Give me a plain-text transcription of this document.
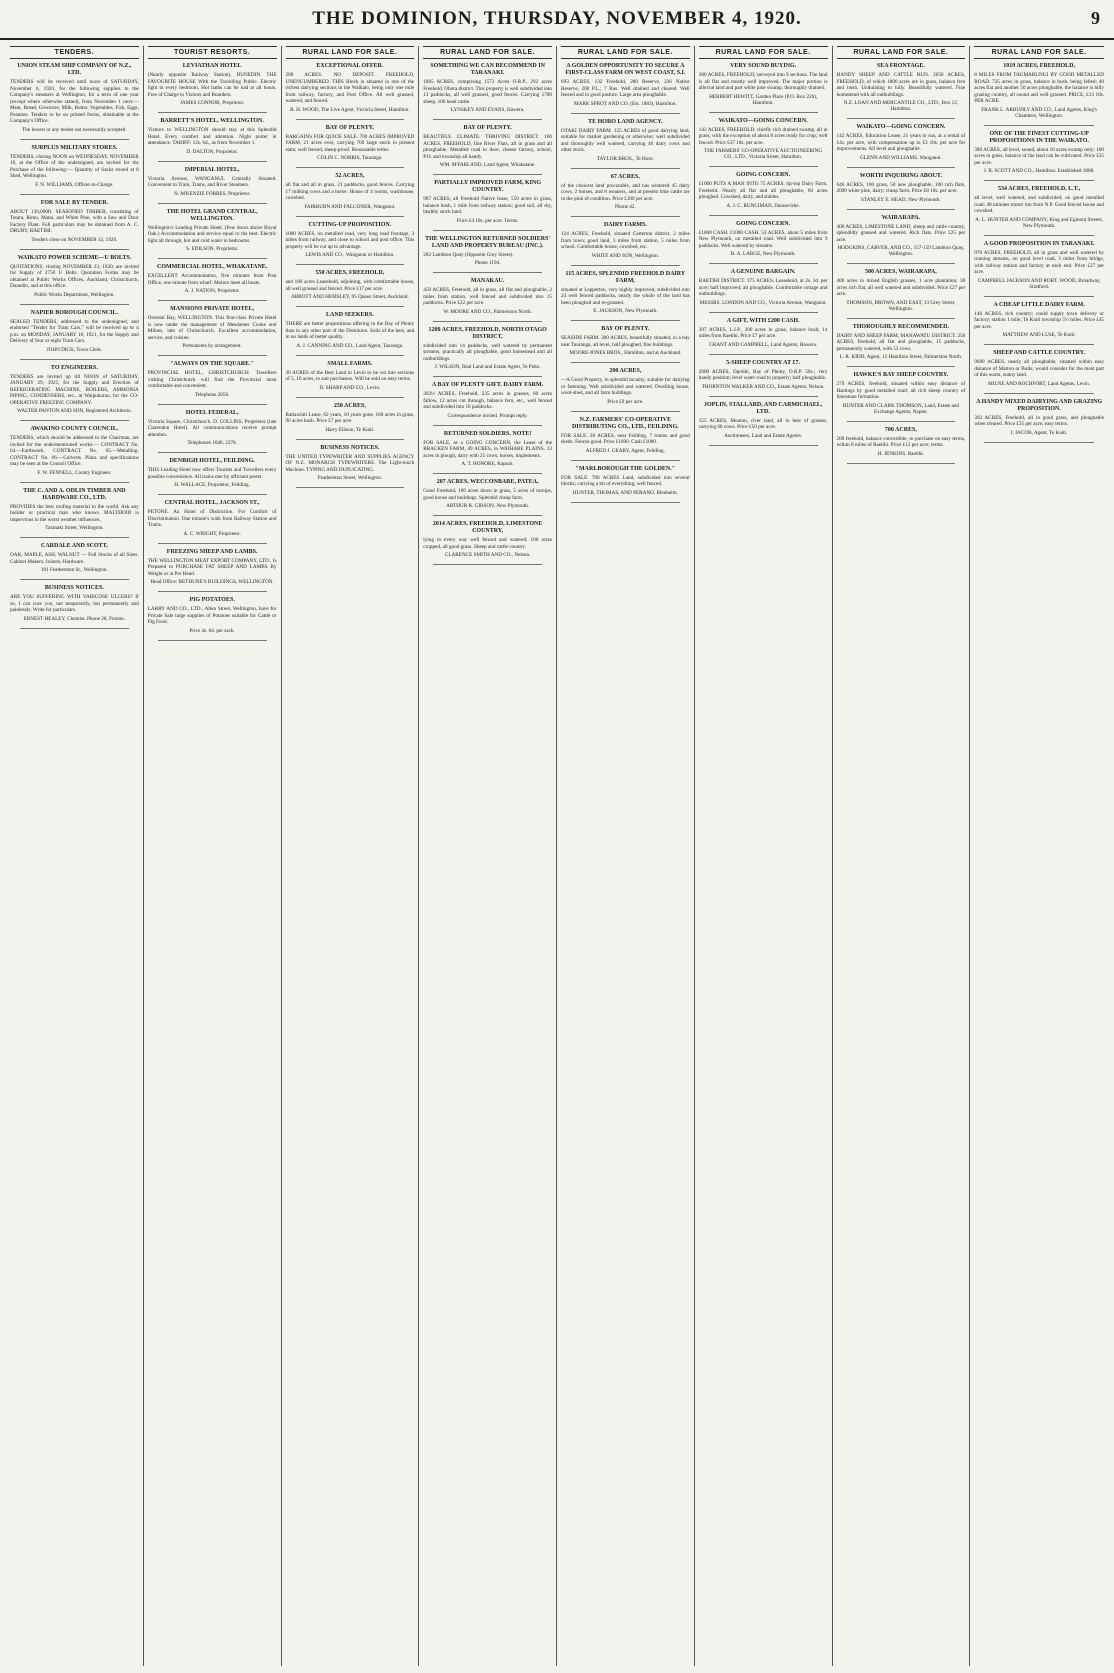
THE DOMINION, THURSDAY, NOVEMBER 4, 1920.	9
TENDERS.
UNION STEAM SHIP COMPANY OF N.Z., LTD.

TENDERS will be received until noon of SATURDAY, November 6, 1920, for the following supplies to the Company's steamers at Wellington, for a term of one year (except where otherwise stated), from November 1 next:— Meat, Bread, Groceries, Milk, Butter, Vegetables, Fish, Eggs, Potatoes. Tenders to be on printed forms, obtainable at the Company's Office.

The lowest or any tender not necessarily accepted.
SURPLUS MILITARY STORES.

TENDERS, closing NOON on WEDNESDAY, NOVEMBER 10, at the Office of the undersigned, are invited for the Purchase of the following:— Quantity of Sacks stored at 8 Shed, Wellington.

F. N. WILLIAMS, Officer-in-Charge.
FOR SALE BY TENDER.

ABOUT 130,000ft. SEASONED TIMBER, consisting of Totara, Rimu, Matai, and White Pine, with a Saw and Door Factory Plant. Full particulars may be obtained from A. C. DRURY, RAETIHI.

Tenders close on NOVEMBER 12, 1920.
WAIKATO POWER SCHEME—U BOLTS.

QUOTATIONS, closing NOVEMBER 23, 1920, are invited for Supply of 2750 U Bolts. Quotation Forms may be obtained at Public Works Offices, Auckland, Christchurch, Dunedin, and at this office.

Public Works Department, Wellington.
NAPIER BOROUGH COUNCIL.

SEALED TENDERS, addressed to the undersigned, and endorsed "Tender for Tram Cars," will be received up to 4 p.m. on MONDAY, JANUARY 10, 1921, for the Supply and Delivery of four or eight Tram Cars.

JOHN DICK, Town Clerk.
TO ENGINEERS.

TENDERS are invited up till NOON of SATURDAY, JANUARY 29, 1921, for the Supply and Erection of REFRIGERATING MACHINE, BOILERS, AMMONIA PIPING, CONDENSERS, etc., at Waipukurau, for the CO-OPERATIVE FREEZING COMPANY.

WALTER PANTON AND SON, Registered Architects.
AWAKINO COUNTY COUNCIL.

TENDERS, which should be addressed to the Chairman, are invited for the undermentioned works:— CONTRACT No. 64.—Earthwork. CONTRACT No. 65.—Metalling. CONTRACT No. 66.—Culverts. Plans and specifications may be seen at the Council Office.

F. W. FENNELL, County Engineer.
THE C. AND A. ODLIN TIMBER AND HARDWARE CO., LTD.

PROVIDES the best roofing material in the world. Ask any builder or practical man who knows. MALTHOID is impervious to the worst weather influences.

Taranaki Street, Wellington.
CARDALE AND SCOTT,

OAK, MAPLE, ASH, WALNUT — Full Stocks of all Sizes. Cabinet Makers, Joiners, Hardware.

101 Featherston St., Wellington.
BUSINESS NOTICES.

ARE YOU SUFFERING WITH VARICOSE ULCERS? If so, I can cure you, not temporarily, but permanently and painlessly. Write for particulars.

ERNEST HEALEY, Chemist. Phone 28, Foxton.
TOURIST RESORTS.
LEVIATHAN HOTEL

(Nearly opposite Railway Station), DUNEDIN. THE FAVOURITE HOUSE With the Travelling Public. Electric light in every bedroom. Hot baths can be had at all hours. Free of Charge to Visitors and Boarders.

JAMES CONNOR, Proprietor.
BARRETT'S HOTEL, WELLINGTON.

Visitors to WELLINGTON should stay at this Splendid Hotel. Every comfort and attention. Night porter in attendance. TARIFF: 12s. 6d., as from November 1.

D. DALTON, Proprietor.
IMPERIAL HOTEL,

Victoria Avenue, WANGANUI. Centrally Situated. Convenient to Train, Trams, and River Steamers.

N. M'KENZIE FORBES, Proprietor.
THE HOTEL GRAND CENTRAL, WELLINGTON.

Wellington's Leading Private Hotel. (Few doors above Royal Oak.) Accommodation and service equal to the best. Electric light all through, hot and cold water in bedrooms.

S. EDILSON, Proprietor.
COMMERCIAL HOTEL, WHAKATANE.

EXCELLENT Accommodation, five minutes from Post Office, one minute from wharf. Motors meet all boats.

A. J. NATION, Proprietor.
MANSIONS PRIVATE HOTEL,

Oriental Bay, WELLINGTON. This first-class Private Hotel is now under the management of Mesdames Cooke and Milnes, late of Christchurch. Excellent accommodation, service, and cuisine.

Permanents by arrangement.
"ALWAYS ON THE SQUARE."

PROVINCIAL HOTEL, CHRISTCHURCH. Travellers visiting Christchurch will find the Provincial most comfortable and convenient.

Telephone 2056.
HOTEL FEDERAL,

Victoria Square, Christchurch. D. COLLINS, Proprietor (late Clarendon Hotel). All communications receive prompt attention.

Telephones 1040, 2378.
DENBIGH HOTEL, FEILDING.

THIS Leading Hotel now offers Tourists and Travellers every possible convenience. All trains met by officient porter.

H. WALLACE, Proprietor, Feilding.
CENTRAL HOTEL, JACKSON ST.,

PETONE. An Hotel of Distinction. For Comfort of Discrimination. One minute's walk from Railway Station and Trams.

A. C. WRIGHT, Proprietor.
FREEZING SHEEP AND LAMBS.

THE WELLINGTON MEAT EXPORT COMPANY, LTD., Is Prepared to PURCHASE FAT SHEEP AND LAMBS By Weight or at Per Head.

Head Office: BETHUNE'S BUILDINGS, WELLINGTON.
PIG POTATOES.

LARRY AND CO., LTD., Allen Street, Wellington, have for Private Sale large supplies of Potatoes suitable for Cattle or Pig Food.

Price 4s. 6d. per sack.
RURAL LAND FOR SALE.
EXCEPTIONAL OFFER.

200 ACRES. NO DEPOSIT. FREEHOLD, UNENCUMBERED. THIS Block is situated in one of the richest dairying sections in the Waikato, being only one mile from railway, factory, and Post Office. All well grassed, watered, and fenced.

R. H. WOOD, The Live Agent, Victoria Street, Hamilton.
BAY OF PLENTY.

BARGAINS FOR QUICK SALE. 700 ACRES IMPROVED FARM, 21 acres over, carrying 700 large stock in present state; well fenced, sheep-proof. Reasonable terms.

COLIN C. NORRIS, Tauranga.
52 ACRES,

all flat and all in grass, 21 paddocks, good fences. Carrying 17 milking cows and a horse. House of 4 rooms, washhouse, cowshed.

FAIRBURN AND FALCONER, Wanganui.
CUTTING-UP PROPOSITION.

1000 ACRES, on metalled road, very long road frontage, 3 miles from railway, and close to school and post office. This property will be cut up to advantage.

LEWIS AND CO., Wanganui or Hamilton.
550 ACRES, FREEHOLD,

and 180 acres Leasehold, adjoining, with comfortable house, all well grassed and fenced. Price £17 per acre.

ABBOTT AND HEMSLEY, 95 Queen Street, Auckland.
LAND SEEKERS.

THERE are better propositions offering in the Bay of Plenty than in any other part of the Dominion. Soils of the best, and in no lands of better quality.

A. J. CANNING AND CO., Land Agent, Tauranga.
SMALL FARMS.

30 ACRES of the Best Land in Levin to be cut into sections of 5, 10 acres, to suit purchasers. Will be sold on easy terms.

D. SHARP AND CO., Levin.
250 ACRES,

Ratiawhiti Lease, 62 years, 10 years gone, 160 acres in grass, 90 acres bush. Price £7 per acre.

Harry Ellison, Te Kuiti.
BUSINESS NOTICES.

THE UNITED TYPEWRITER AND SUPPLIES AGENCY OF N.Z. MONARCH TYPEWRITERS. The Light-touch Machine. TYPING AND DUPLICATING.

Featherston Street, Wellington.
RURAL LAND FOR SALE.
SOMETHING WE CAN RECOMMEND IN TARANAKI.

1865 ACRES, comprising 1573 Acres O.R.P., 292 acres Freehold, Ohura district. This property is well subdivided into 13 paddocks, all well grassed, good fences. Carrying 1700 sheep, 100 head cattle.

LYNSKEY AND EVANS, Hawera.
BAY OF PLENTY.

BEAUTIFUL CLIMATE. THRIVING DISTRICT. 160 ACRES, FREEHOLD, fine River Flats, all in grass and all ploughable. Metalled road to door, cheese factory, school, P.O. and township all handy.

WM. M'FARLAND, Land Agent, Whakatane.
PARTIALLY IMPROVED FARM, KING COUNTRY.

987 ACRES, all Freehold Native lease, 550 acres in grass, balance bush, 1 mile from railway station; good soil, all dry, healthy stock land.

Price £4 10s. per acre. Terms.
THE WELLINGTON RETURNED SOLDIERS' LAND AND PROPERTY BUREAU (INC.).

282 Lambton Quay (Opposite Grey Street).

Phone 1194.
MANAKAU.

450 ACRES, Freehold, all in grass, all flat and ploughable, 2 miles from station, well fenced and subdivided into 15 paddocks. Price £22 per acre.

W. MOORE AND CO., Palmerston North.
1200 ACRES, FREEHOLD, NORTH OTAGO DISTRICT,

subdivided into 14 paddocks, well watered by permanent streams, practically all ploughable, good homestead and all outbuildings.

J. WILSON, Real Land and Estate Agent, Te Puke.
A BAY OF PLENTY GIFT. DAIRY FARM.

302½ ACRES, Freehold, 235 acres in grasses, 60 acres fallow, 12 acres cut through, balance fern, etc., well fenced and subdivided into 18 paddocks.

Correspondence invited. Prompt reply.
RETURNED SOLDIERS, NOTE!

FOR SALE, as a GOING CONCERN, the Lease of the BRACKEN FARM, 49 ACRES, in WAIHARE PLAINS, 13 acres in plough, dairy with 21 cows, horses, implements.

A. T. HONORE, Kapuni.
207 ACRES, WECCONBARE, PATEA,

Good Freehold, 100 acres down in grass, 5 acres of turnips, good house and buildings. Splendid cheap farm.

ARTHUR R. GIBSON, New Plymouth.
2014 ACRES, FREEHOLD, LIMESTONE COUNTRY,

lying in every way well fenced and watered; 100 acres cropped, all good grass. Sheep and cattle country.

CLARENCE SMITH AND CO., Nelson.
RURAL LAND FOR SALE.
A GOLDEN OPPORTUNITY TO SECURE A FIRST-CLASS FARM ON WEST COAST, S.I.

693 ACRES, 132 Freehold, 280 Reserve, 236 Native Reserve, 200 P.L.; 7 Bus. Well drained and cleared. Well fenced and in good pasture. Large area ploughable.

MARK SPROT AND CO. (Est. 1883), Hamilton.
TE HORO LAND AGENCY.

OTAKI DAIRY FARM. 125 ACRES of good dairying land, suitable for market gardening or otherwise; well subdivided and thoroughly well watered, carrying 40 dairy cows and other stock.

TAYLOR BROS., Te Horo.
67 ACRES,

of the choicest land procurable, and has wintered 45 dairy cows, 2 horses, and 8 weaners, and at present time cattle are in the pink of condition. Price £100 per acre.

Phone 42.
DAIRY FARMS.

124 ACRES, Freehold, situated Carterton district, 2 miles from town; good land, 3 miles from station, 5 miles from school. Comfortable house, cowshed, etc.

WHITE AND SON, Wellington.
115 ACRES, SPLENDID FREEHOLD DAIRY FARM,

situated at Lepperton, very highly improved, subdivided into 24 well fenced paddocks, nearly the whole of the land has been ploughed and re-grassed.

E. JACKSON, New Plymouth.
BAY OF PLENTY.

SEASIDE FARM. 300 ACRES, beautifully situated, in a bay near Tauranga, all level, half ploughed, fine buildings.

MOORE-JONES BROS., Hamilton, and at Auckland.
200 ACRES,

—A Good Property, in splendid locality, suitable for dairying or fattening. Well subdivided and watered. Dwelling house, wool-shed, and all farm buildings.

Price £9 per acre.
N.Z. FARMERS' CO-OPERATIVE DISTRIBUTING CO., LTD., FEILDING.

FOR SALE. 20 ACRES, near Feilding, 7 rooms and good sheds. Fences good. Price £1600. Cash £1000.

ALFRED J. GEARY, Agent, Feilding.
"MARLBOROUGH THE GOLDEN."

FOR SALE. 700 ACRES Land, subdivided into several blocks; carrying a bit of everything; well fenced.

HUNTER, THOMAS, AND PERANO, Blenheim.
RURAL LAND FOR SALE.
VERY SOUND BUYING.

300 ACRES, FREEHOLD, surveyed into 9 sections. The land is all flat and mostly well improved. The major portion is alluvial land and part white pine swamp, thoroughly drained.

HERBERT HEWITT, Garden Place (P.O. Box 226), Hamilton.
WAIKATO—GOING CONCERN.

142 ACRES, FREEHOLD, chiefly rich drained swamp, all in grass, with the exception of about 8 acres ready for crop; well fenced. Price £37 10s. per acre.

THE FARMERS' CO-OPERATIVE AUCTIONEERING CO., LTD., Victoria Street, Hamilton.
GOING CONCERN.

£1000 PUTS A MAN INTO 75 ACRES, tip-top Dairy Farm, Freehold. Nearly all flat and all ploughable, 60 acres ploughed. Cowshed, dairy, and stables.

A. J. C. RUNCIMAN, Dannevirke.
GOING CONCERN.

£1000 CASH. £1000 CASH. 53 ACRES, about 5 miles from New Plymouth, on metalled road. Well subdivided into 9 paddocks. Well watered by streams.

R. A. LARGE, New Plymouth.
A GENUINE BARGAIN.

RAETIHI DISTRICT. 375 ACRES, Leasehold, at 2s. 3d. per acre; half improved; all ploughable. Comfortable cottage and outbuildings.

MESSRS. LONDON AND CO., Victoria Avenue, Wanganui.
A GIFT, WITH £200 CASH.

397 ACRES, L.I.P., 300 acres in grass, balance bush; 14 miles from Raetihi. Price £7 per acre.

GRANT AND CAMPBELL, Land Agents, Hawera.
5-SHEEP COUNTRY AT £7.

2000 ACRES, Opotiki, Bay of Plenty, O.R.P. 50s.; very handy position; level water road to property; half ploughable.

THORNTON WALKER AND CO., Estate Agents, Nelson.
JOPLIN, STALLARD, AND CARMICHAEL, LTD.

155 ACRES, Mouton, river land, all in best of grasses, carrying 60 cows. Price £50 per acre.

Auctioneers, Land and Estate Agents.
RURAL LAND FOR SALE.
SEA FRONTAGE.

HANDY SHEEP AND CATTLE RUN. 2650 ACRES, FREEHOLD, of which 1800 acres are in grass, balance fern and bush. Undulating to hilly. Beautifully watered. Fine homestead with all outbuildings.

N.Z. LOAN AND MERCANTILE CO., LTD., Box 12, Hamilton.
WAIKATO—GOING CONCERN.

142 ACRES, Education Lease, 21 years to run, at a rental of 14s. per acre, with compensation up to £3 10s. per acre for improvements. All level and ploughable.

GLENN AND WILLIAMS, Wanganui.
WORTH INQUIRING ABOUT.

646 ACRES, 100 grass, 50 new ploughable, 100 rich flats, 2000 white pine, dairy; cheap farm. Price £8 10s. per acre.

STANLEY E. HEAD, New Plymouth.
WAIRARAPA.

400 ACRES, LIMESTONE LAND, sheep and cattle country, splendidly grassed and watered. Rich flats. Price £25 per acre.

HODGKINS, CARVER, AND CO., 157-159 Lambton Quay, Wellington.
500 ACRES, WAIRARAPA,

400 acres in mixed English grasses, 1 acre plantation; 30 acres rich flat, all well watered and subdivided. Price £27 per acre.

THOMSON, BROWN, AND EAST, 13 Grey Street, Wellington.
THOROUGHLY RECOMMENDED.

DAIRY AND SHEEP FARM, MANAWATU DISTRICT. 250 ACRES, freehold, all flat and ploughable, 15 paddocks, permanently watered, with 53 cows.

L. R. KIDD, Agent, 12 Hamilton Street, Palmerston North.
HAWKE'S BAY SHEEP COUNTRY.

279 ACRES, freehold, situated within easy distance of Hastings by good metalled road; all rich sheep country of limestone formation.

HUNTER AND CLARK THOMSON, Land, Estate and Exchange Agents, Napier.
700 ACRES,

200 freehold, balance convertible, to purchase on easy terms, within 8 miles of Raetihi. Price £12 per acre; terms.

H. JENKINS, Raetihi.
RURAL LAND FOR SALE.
1019 ACRES, FREEHOLD,

8 MILES FROM TAUMARUNUI BY GOOD METALLED ROAD. 725 acres in grass, balance in bush, being felled; 40 acres flat and another 50 acres ploughable, the balance is hilly grazing country, all sound and well grassed. PRICE, £13 10s. PER ACRE.

FRANK L. ARBUDLY AND CO., Land Agents, King's Chambers, Wellington.
ONE OF THE FINEST CUTTING-UP PROPOSITIONS IN THE WAIKATO.

380 ACRES, all level, sound, about 10 acres swamp only; 100 acres in grass, balance of the land can be cultivated. Price £25 per acre.

J. R. SCOTT AND CO., Hamilton. Established 1888.
534 ACRES, FREEHOLD, L.T.,

all level, well watered, and subdivided; on good metalled road; 40 minutes motor run from N.P. Good fenced house and cowshed.

A. L. HUNTER AND COMPANY, King and Egmont Streets, New Plymouth.
A GOOD PROPOSITION IN TARANAKI.

970 ACRES, FREEHOLD, all in grass and well watered by running streams, on good level road, 3 miles from bridge, with railway station and factory at each end. Price £27 per acre.

CAMPBELL JACKSON AND ROBT. WOOD, Broadway, Stratford.
A CHEAP LITTLE DAIRY FARM.

146 ACRES, rich country; could supply town delivery or factory; station 1 mile; Te Kuiti township 5½ miles. Price £45 per acre.

MATTHEW AND LUSE, Te Kuiti.
SHEEP AND CATTLE COUNTRY.

9600 ACRES, nearly all ploughable, situated within easy distance of Marton or Bulls; would consider for the most part of this warm, sunny land.

MILNE AND ROCHFORT, Land Agents, Levin.
A HANDY MIXED DAIRYING AND GRAZING PROPOSITION.

302 ACRES, Freehold, all in good grass, and ploughable when cleared. Price £35 per acre; easy terms.

I. JACOB, Agent, Te Kuiti.
